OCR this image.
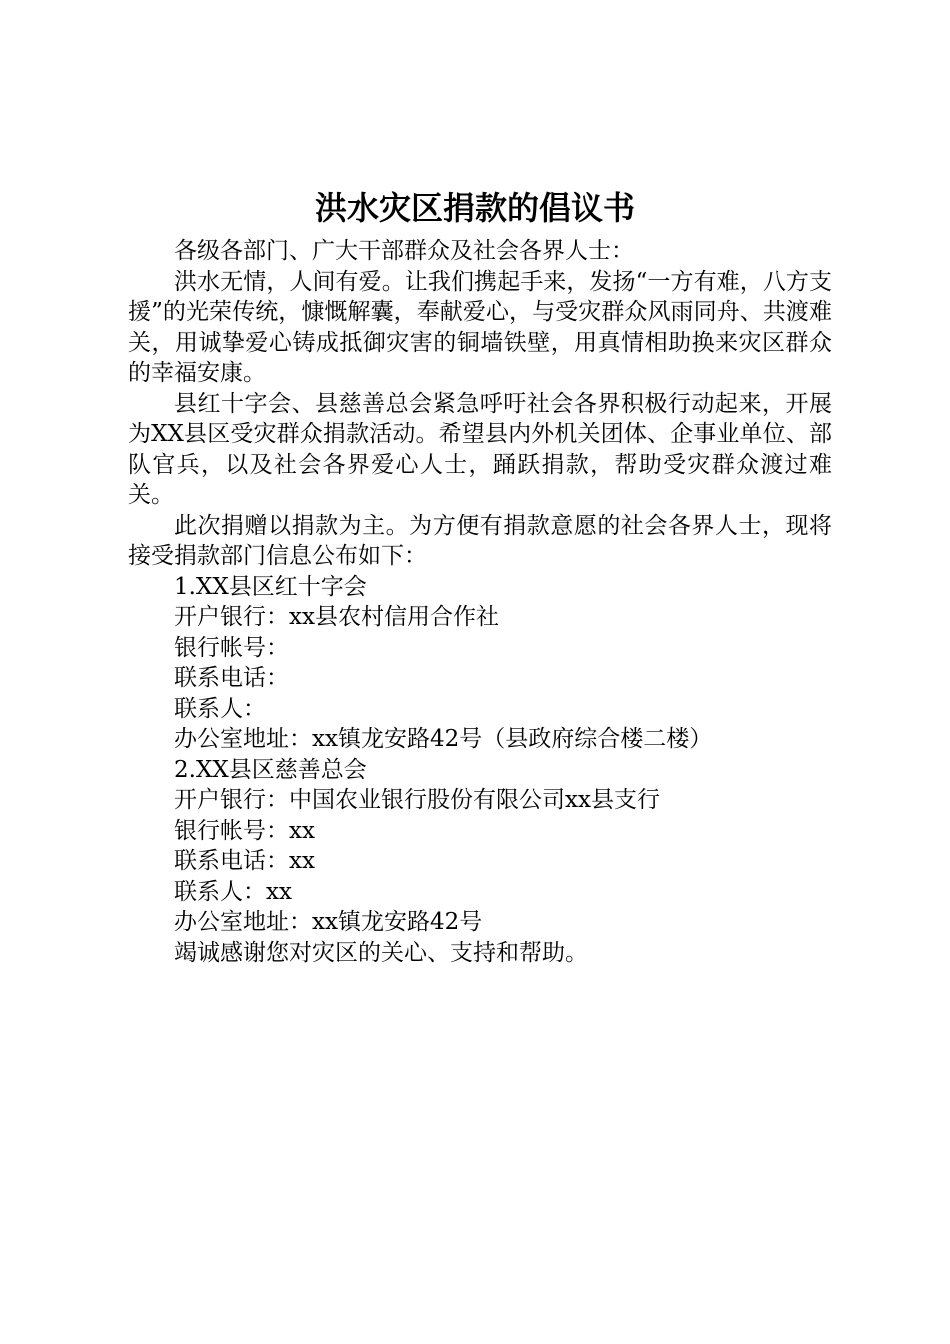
洪水灾区捐款的倡议书

各级各部门、广大干部群众及社会各界人士：

洪水无情，人间有爱。让我们携起手来，发扬“一方有难，八方支援”的光荣传统，慷慨解囊，奉献爱心，与受灾群众风雨同舟、共渡难关，用诚挚爱心铸成抵御灾害的铜墙铁壁，用真情相助换来灾区群众的幸福安康。

县红十字会、县慈善总会紧急呼吁社会各界积极行动起来，开展为XX县区受灾群众捐款活动。希望县内外机关团体、企事业单位、部队官兵，以及社会各界爱心人士，踊跃捐款，帮助受灾群众渡过难关。

此次捐赠以捐款为主。为方便有捐款意愿的社会各界人士，现将接受捐款部门信息公布如下：

1.XX县区红十字会

开户银行：xx县农村信用合作社

银行帐号：

联系电话：

联系人：

办公室地址：xx镇龙安路42号（县政府综合楼二楼）

2.XX县区慈善总会

开户银行：中国农业银行股份有限公司xx县支行

银行帐号：xx

联系电话：xx

联系人：xx

办公室地址：xx镇龙安路42号

竭诚感谢您对灾区的关心、支持和帮助。
